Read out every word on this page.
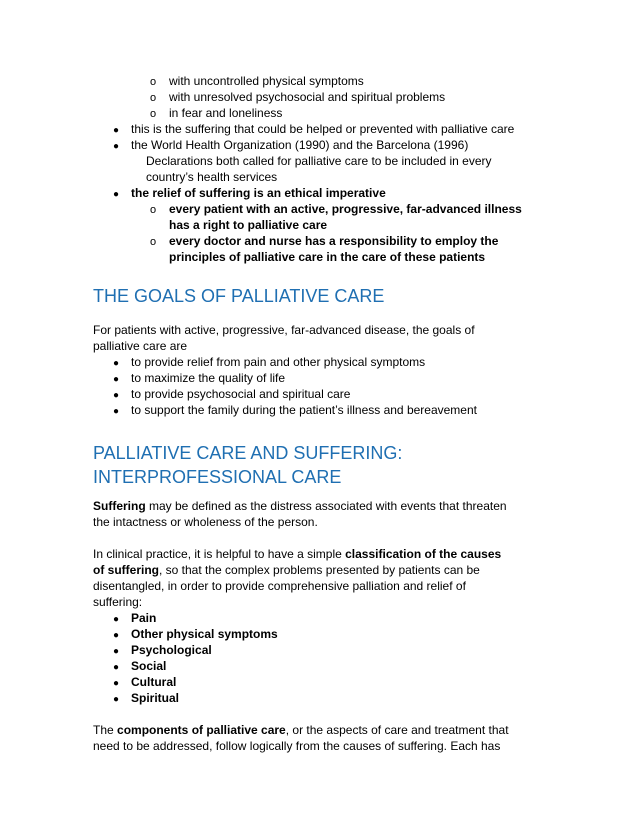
o with uncontrolled physical symptoms
o with unresolved psychosocial and spiritual problems
o in fear and loneliness
● this is the suffering that could be helped or prevented with palliative care
● the World Health Organization (1990) and the Barcelona (1996)
Declarations both called for palliative care to be included in every
country’s health services
● the relief of suffering is an ethical imperative
o every patient with an active, progressive, far-advanced illness
has a right to palliative care
o every doctor and nurse has a responsibility to employ the
principles of palliative care in the care of these patients
THE GOALS OF PALLIATIVE CARE
For patients with active, progressive, far-advanced disease, the goals of
palliative care are
● to provide relief from pain and other physical symptoms
● to maximize the quality of life
● to provide psychosocial and spiritual care
● to support the family during the patient’s illness and bereavement
PALLIATIVE CARE AND SUFFERING:
INTERPROFESSIONAL CARE
Suffering may be defined as the distress associated with events that threaten
the intactness or wholeness of the person.
In clinical practice, it is helpful to have a simple classification of the causes
of suffering, so that the complex problems presented by patients can be
disentangled, in order to provide comprehensive palliation and relief of
suffering:
● Pain
● Other physical symptoms
● Psychological
● Social
● Cultural
● Spiritual
The components of palliative care, or the aspects of care and treatment that
need to be addressed, follow logically from the causes of suffering. Each has
